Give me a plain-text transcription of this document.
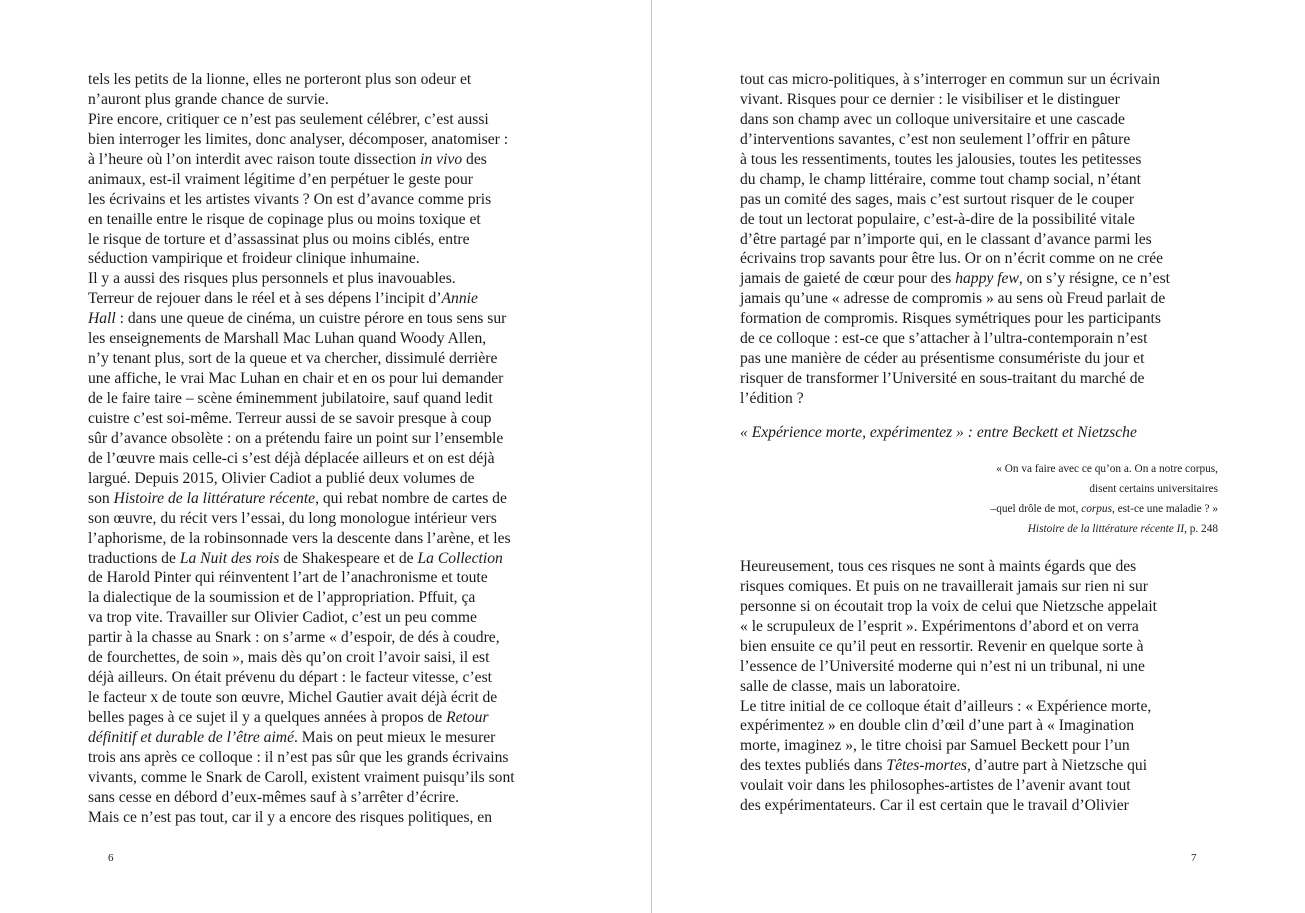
tels les petits de la lionne, elles ne porteront plus son odeur et
n’auront plus grande chance de survie.
Pire encore, critiquer ce n’est pas seulement célébrer, c’est aussi
bien interroger les limites, donc analyser, décomposer, anatomiser :
à l’heure où l’on interdit avec raison toute dissection in vivo des
animaux, est-il vraiment légitime d’en perpétuer le geste pour
les écrivains et les artistes vivants ? On est d’avance comme pris
en tenaille entre le risque de copinage plus ou moins toxique et
le risque de torture et d’assassinat plus ou moins ciblés, entre
séduction vampirique et froideur clinique inhumaine.
Il y a aussi des risques plus personnels et plus inavouables.
Terreur de rejouer dans le réel et à ses dépens l’incipit d’Annie
Hall : dans une queue de cinéma, un cuistre pérore en tous sens sur
les enseignements de Marshall Mac Luhan quand Woody Allen,
n’y tenant plus, sort de la queue et va chercher, dissimulé derrière
une affiche, le vrai Mac Luhan en chair et en os pour lui demander
de le faire taire – scène éminemment jubilatoire, sauf quand ledit
cuistre c’est soi-même. Terreur aussi de se savoir presque à coup
sûr d’avance obsolète : on a prétendu faire un point sur l’ensemble
de l’œuvre mais celle-ci s’est déjà déplacée ailleurs et on est déjà
largué. Depuis 2015, Olivier Cadiot a publié deux volumes de
son Histoire de la littérature récente, qui rebat nombre de cartes de
son œuvre, du récit vers l’essai, du long monologue intérieur vers
l’aphorisme, de la robinsonnade vers la descente dans l’arène, et les
traductions de La Nuit des rois de Shakespeare et de La Collection
de Harold Pinter qui réinventent l’art de l’anachronisme et toute
la dialectique de la soumission et de l’appropriation. Pffuit, ça
va trop vite. Travailler sur Olivier Cadiot, c’est un peu comme
partir à la chasse au Snark : on s’arme « d’espoir, de dés à coudre,
de fourchettes, de soin », mais dès qu’on croit l’avoir saisi, il est
déjà ailleurs. On était prévenu du départ : le facteur vitesse, c’est
le facteur x de toute son œuvre, Michel Gautier avait déjà écrit de
belles pages à ce sujet il y a quelques années à propos de Retour
définitif et durable de l’être aimé. Mais on peut mieux le mesurer
trois ans après ce colloque : il n’est pas sûr que les grands écrivains
vivants, comme le Snark de Caroll, existent vraiment puisqu’ils sont
sans cesse en débord d’eux-mêmes sauf à s’arrêter d’écrire.
Mais ce n’est pas tout, car il y a encore des risques politiques, en
6
tout cas micro-politiques, à s’interroger en commun sur un écrivain
vivant. Risques pour ce dernier : le visibiliser et le distinguer
dans son champ avec un colloque universitaire et une cascade
d’interventions savantes, c’est non seulement l’offrir en pâture
à tous les ressentiments, toutes les jalousies, toutes les petitesses
du champ, le champ littéraire, comme tout champ social, n’étant
pas un comité des sages, mais c’est surtout risquer de le couper
de tout un lectorat populaire, c’est-à-dire de la possibilité vitale
d’être partagé par n’importe qui, en le classant d’avance parmi les
écrivains trop savants pour être lus. Or on n’écrit comme on ne crée
jamais de gaieté de cœur pour des happy few, on s’y résigne, ce n’est
jamais qu’une « adresse de compromis » au sens où Freud parlait de
formation de compromis. Risques symétriques pour les participants
de ce colloque : est-ce que s’attacher à l’ultra-contemporain n’est
pas une manière de céder au présentisme consumériste du jour et
risquer de transformer l’Université en sous-traitant du marché de
l’édition ?
« Expérience morte, expérimentez » : entre Beckett et Nietzsche
« On va faire avec ce qu’on a. On a notre corpus,
disent certains universitaires
–quel drôle de mot, corpus, est-ce une maladie ? »
Histoire de la littérature récente II, p. 248
Heureusement, tous ces risques ne sont à maints égards que des
risques comiques. Et puis on ne travaillerait jamais sur rien ni sur
personne si on écoutait trop la voix de celui que Nietzsche appelait
« le scrupuleux de l’esprit ». Expérimentons d’abord et on verra
bien ensuite ce qu’il peut en ressortir. Revenir en quelque sorte à
l’essence de l’Université moderne qui n’est ni un tribunal, ni une
salle de classe, mais un laboratoire.
Le titre initial de ce colloque était d’ailleurs : « Expérience morte,
expérimentez » en double clin d’œil d’une part à « Imagination
morte, imaginez », le titre choisi par Samuel Beckett pour l’un
des textes publiés dans Têtes-mortes, d’autre part à Nietzsche qui
voulait voir dans les philosophes-artistes de l’avenir avant tout
des expérimentateurs. Car il est certain que le travail d’Olivier
7
